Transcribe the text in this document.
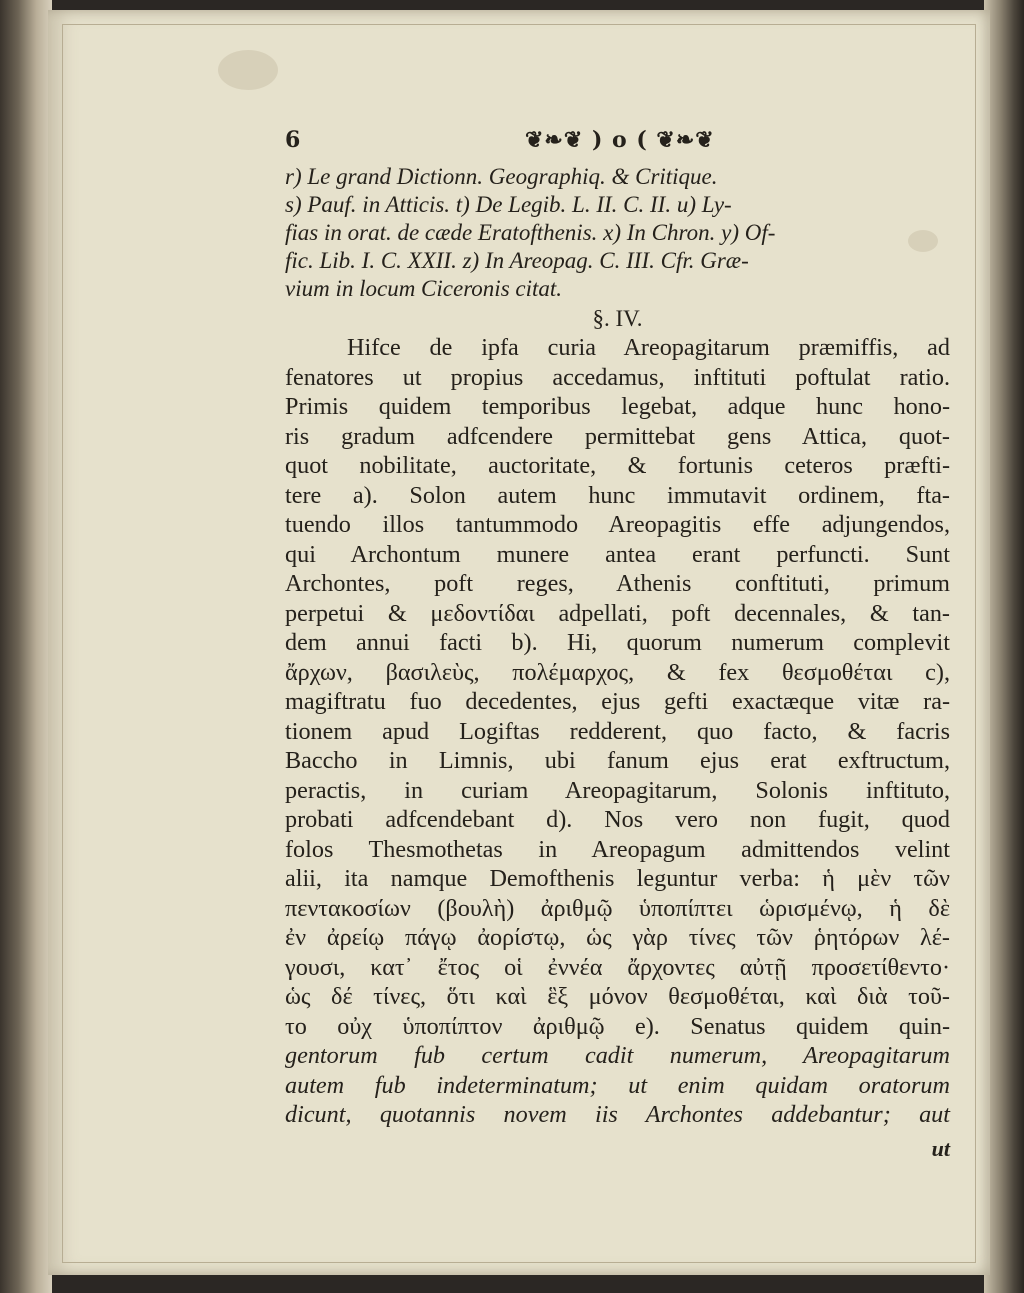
6	❦❧❦ ) o ( ❦❧❦
r) Le grand Dictionn. Geographiq. & Critique.
s) Pauf. in Atticis. t) De Legib. L. II. C. II. u) Ly-
fias in orat. de cæde Eratofthenis. x) In Chron. y) Of-
fic. Lib. I. C. XXII. z) In Areopag. C. III. Cfr. Græ-
vium in locum Ciceronis citat.
§. IV.
Hifce de ipfa curia Areopagitarum præmiffis, ad
fenatores ut propius accedamus, inftituti poftulat ratio.
Primis quidem temporibus legebat, adque hunc hono-
ris gradum adfcendere permittebat gens Attica, quot-
quot nobilitate, auctoritate, & fortunis ceteros præfti-
tere a). Solon autem hunc immutavit ordinem, fta-
tuendo illos tantummodo Areopagitis effe adjungendos,
qui Archontum munere antea erant perfuncti. Sunt
Archontes, poft reges, Athenis conftituti, primum
perpetui & μεδοντίδαι adpellati, poft decennales, & tan-
dem annui facti b). Hi, quorum numerum complevit
ἄρχων, βασιλεὺς, πολέμαρχος, & fex θεσμοθέται c),
magiftratu fuo decedentes, ejus gefti exactæque vitæ ra-
tionem apud Logiftas redderent, quo facto, & facris
Baccho in Limnis, ubi fanum ejus erat exftructum,
peractis, in curiam Areopagitarum, Solonis inftituto,
probati adfcendebant d). Nos vero non fugit, quod
folos Thesmothetas in Areopagum admittendos velint
alii, ita namque Demofthenis leguntur verba: ἡ μὲν τῶν
πεντακοσίων (βουλὴ) ἀριθμῷ ὑποπίπτει ὡρισμένῳ, ἡ δὲ
ἐν ἀρείῳ πάγῳ ἀορίστῳ, ὡς γὰρ τίνες τῶν ῥητόρων λέ-
γουσι, κατ᾽ ἔτος οἱ ἐννέα ἄρχοντες αὐτῇ προσετίθεντο·
ὡς δέ τίνες, ὅτι καὶ ἓξ μόνον θεσμοθέται, καὶ διὰ τοῦ-
το οὐχ ὑποπίπτον ἀριθμῷ e). Senatus quidem quin-
gentorum fub certum cadit numerum, Areopagitarum
autem fub indeterminatum; ut enim quidam oratorum
dicunt, quotannis novem iis Archontes addebantur; aut
ut
